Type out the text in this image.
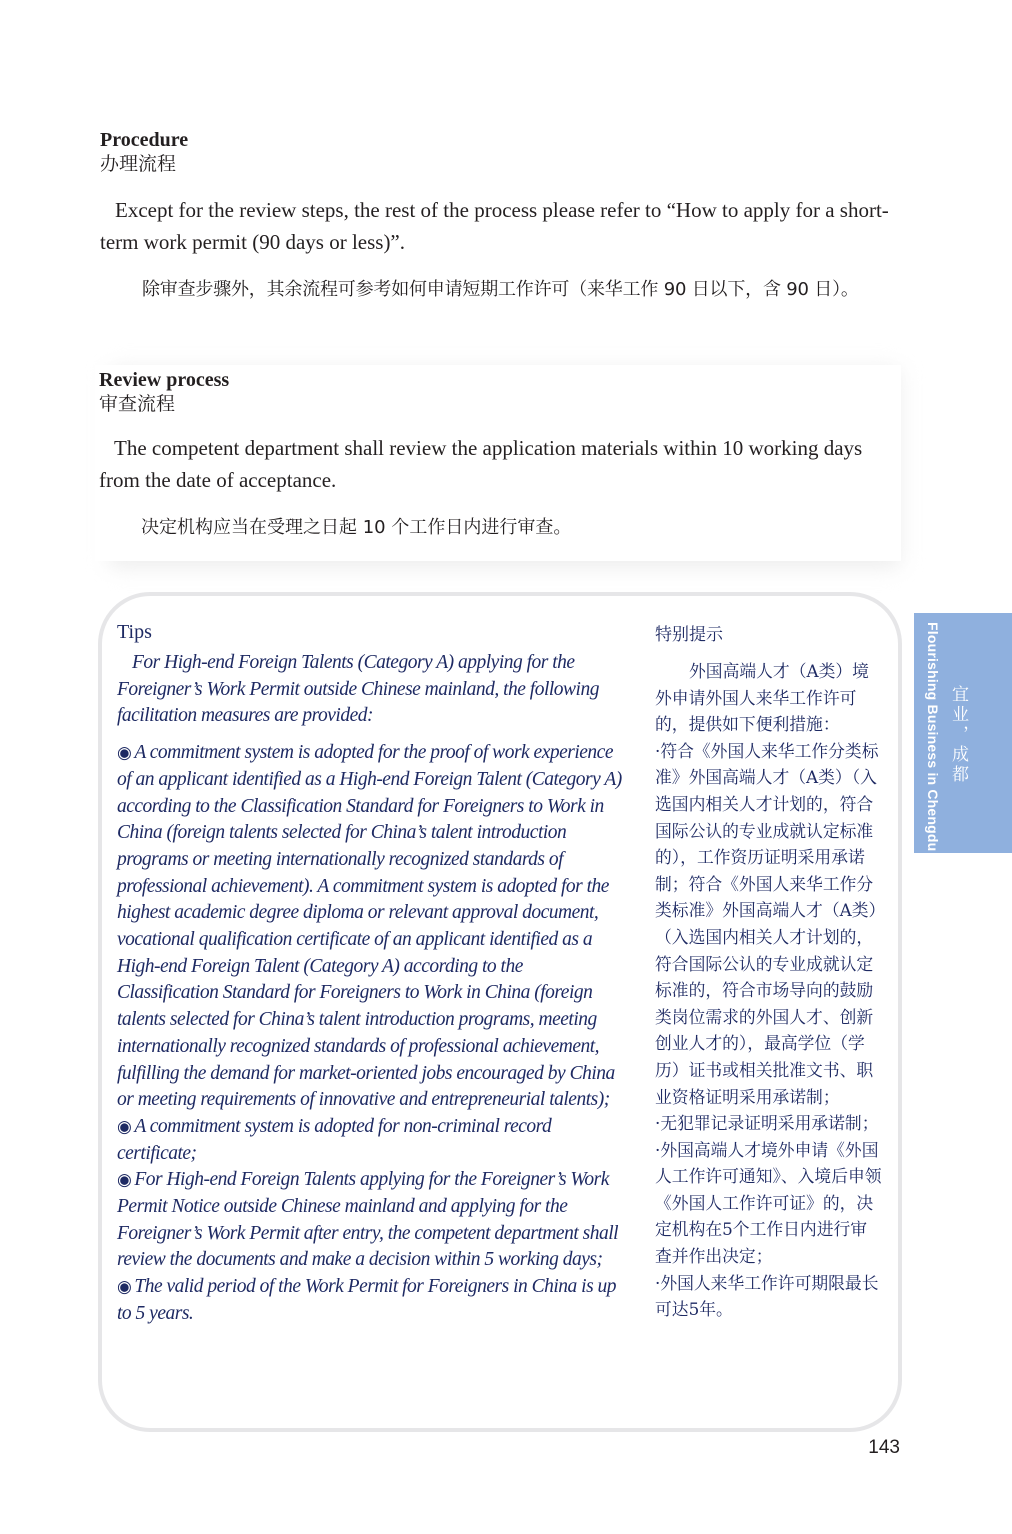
Procedure
办理流程

Except for the review steps, the rest of the process please refer to “How to apply for a short-term work permit (90 days or less)”.

除审查步骤外，其余流程可参考如何申请短期工作许可（来华工作 90 日以下，含 90 日）。

Review process
审查流程

The competent department shall review the application materials within 10 working days from the date of acceptance.

决定机构应当在受理之日起 10 个工作日内进行审查。

Tips

For High-end Foreign Talents (Category A) applying for the Foreigner’s Work Permit outside Chinese mainland, the following facilitation measures are provided:

◉ A commitment system is adopted for the proof of work experience of an applicant identified as a High-end Foreign Talent (Category A) according to the Classification Standard for Foreigners to Work in China (foreign talents selected for China’s talent introduction programs or meeting internationally recognized standards of professional achievement). A commitment system is adopted for the highest academic degree diploma or relevant approval document, vocational qualification certificate of an applicant identified as a High-end Foreign Talent (Category A) according to the Classification Standard for Foreigners to Work in China (foreign talents selected for China’s talent introduction programs, meeting internationally recognized standards of professional achievement, fulfilling the demand for market-oriented jobs encouraged by China or meeting requirements of innovative and entrepreneurial talents);

◉ A commitment system is adopted for non-criminal record certificate;

◉ For High-end Foreign Talents applying for the Foreigner’s Work Permit Notice outside Chinese mainland and applying for the Foreigner’s Work Permit after entry, the competent department shall review the documents and make a decision within 5 working days;

◉ The valid period of the Work Permit for Foreigners in China is up to 5 years.

特别提示

外国高端人才（A类）境外申请外国人来华工作许可的，提供如下便利措施：

·符合《外国人来华工作分类标准》外国高端人才（A类）（入选国内相关人才计划的，符合国际公认的专业成就认定标准的），工作资历证明采用承诺制；符合《外国人来华工作分类标准》外国高端人才（A类）（入选国内相关人才计划的，符合国际公认的专业成就认定标准的，符合市场导向的鼓励类岗位需求的外国人才、创新创业人才的），最高学位（学历）证书或相关批准文书、职业资格证明采用承诺制；

·无犯罪记录证明采用承诺制；

·外国高端人才境外申请《外国人工作许可通知》、入境后申领《外国人工作许可证》的，决定机构在5个工作日内进行审查并作出决定；

·外国人来华工作许可期限最长可达5年。

Flourishing Business in Chengdu 宜业，成都
143
